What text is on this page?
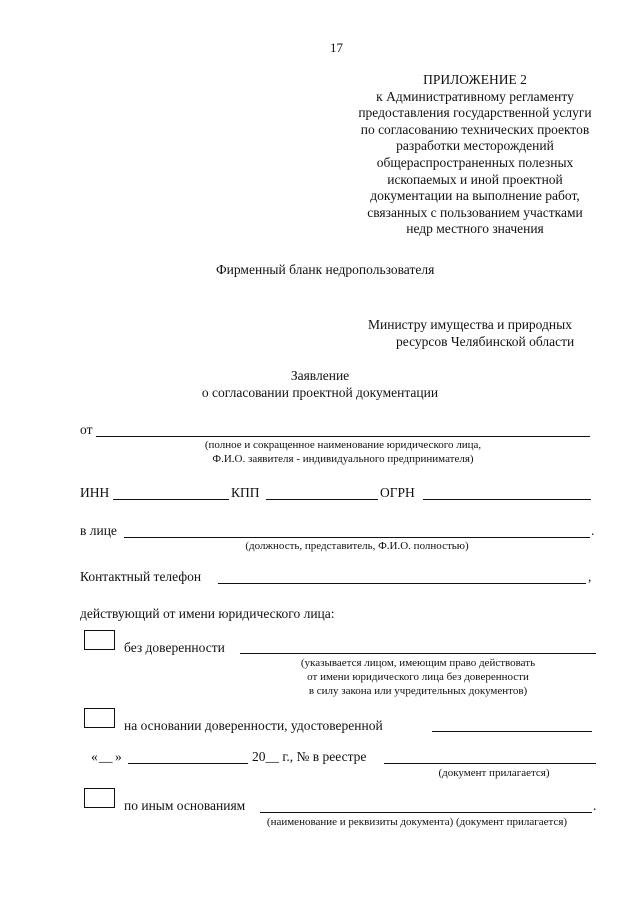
17
ПРИЛОЖЕНИЕ 2
к Административному регламенту
предоставления государственной услуги
по согласованию технических проектов
разработки месторождений
общераспространенных полезных
ископаемых и иной проектной
документации на выполнение работ,
связанных с пользованием участками
недр местного значения
Фирменный бланк недропользователя
Министру имущества и природных
ресурсов Челябинской области
Заявление
о согласовании проектной документации
от
(полное и сокращенное наименование юридического лица,
Ф.И.О. заявителя - индивидуального предпринимателя)
ИНН	КПП	ОГРН
в лице	.
(должность, представитель, Ф.И.О. полностью)
Контактный телефон	,
действующий от имени юридического лица:
без доверенности
(указывается лицом, имеющим право действовать
от имени юридического лица без доверенности
в силу закона или учредительных документов)
на основании доверенности, удостоверенной
« __ »	20__ г., № в реестре
(документ прилагается)
по иным основаниям	.
(наименование и реквизиты документа) (документ прилагается)
